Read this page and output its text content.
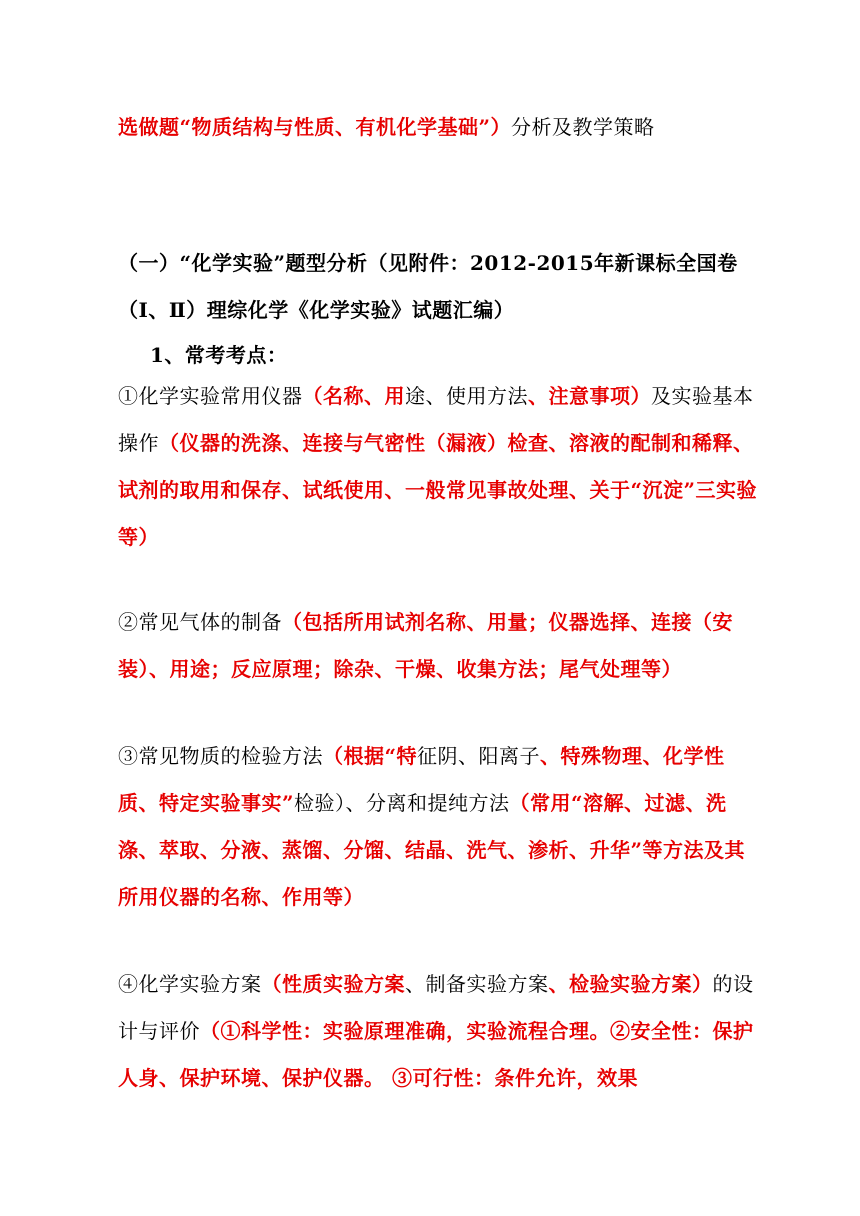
选做题“物质结构与性质、有机化学基础”）分析及教学策略
（一）“化学实验”题型分析（见附件：2012-2015年新课标全国卷（Ⅰ、Ⅱ）理综化学《化学实验》试题汇编）
1、常考考点：
①化学实验常用仪器（名称、用途、使用方法、注意事项）及实验基本操作（仪器的洗涤、连接与气密性（漏液）检查、溶液的配制和稀释、试剂的取用和保存、试纸使用、一般常见事故处理、关于“沉淀”三实验等）
②常见气体的制备（包括所用试剂名称、用量；仪器选择、连接（安装）、用途；反应原理；除杂、干燥、收集方法；尾气处理等）
③常见物质的检验方法（根据“特征阴、阳离子、特殊物理、化学性质、特定实验事实”检验）、分离和提纯方法（常用“溶解、过滤、洗涤、萃取、分液、蒸馏、分馏、结晶、洗气、渗析、升华”等方法及其所用仪器的名称、作用等）
④化学实验方案（性质实验方案、制备实验方案、检验实验方案）的设计与评价（①科学性：实验原理准确，实验流程合理。②安全性：保护人身、保护环境、保护仪器。 ③可行性：条件允许，效果
